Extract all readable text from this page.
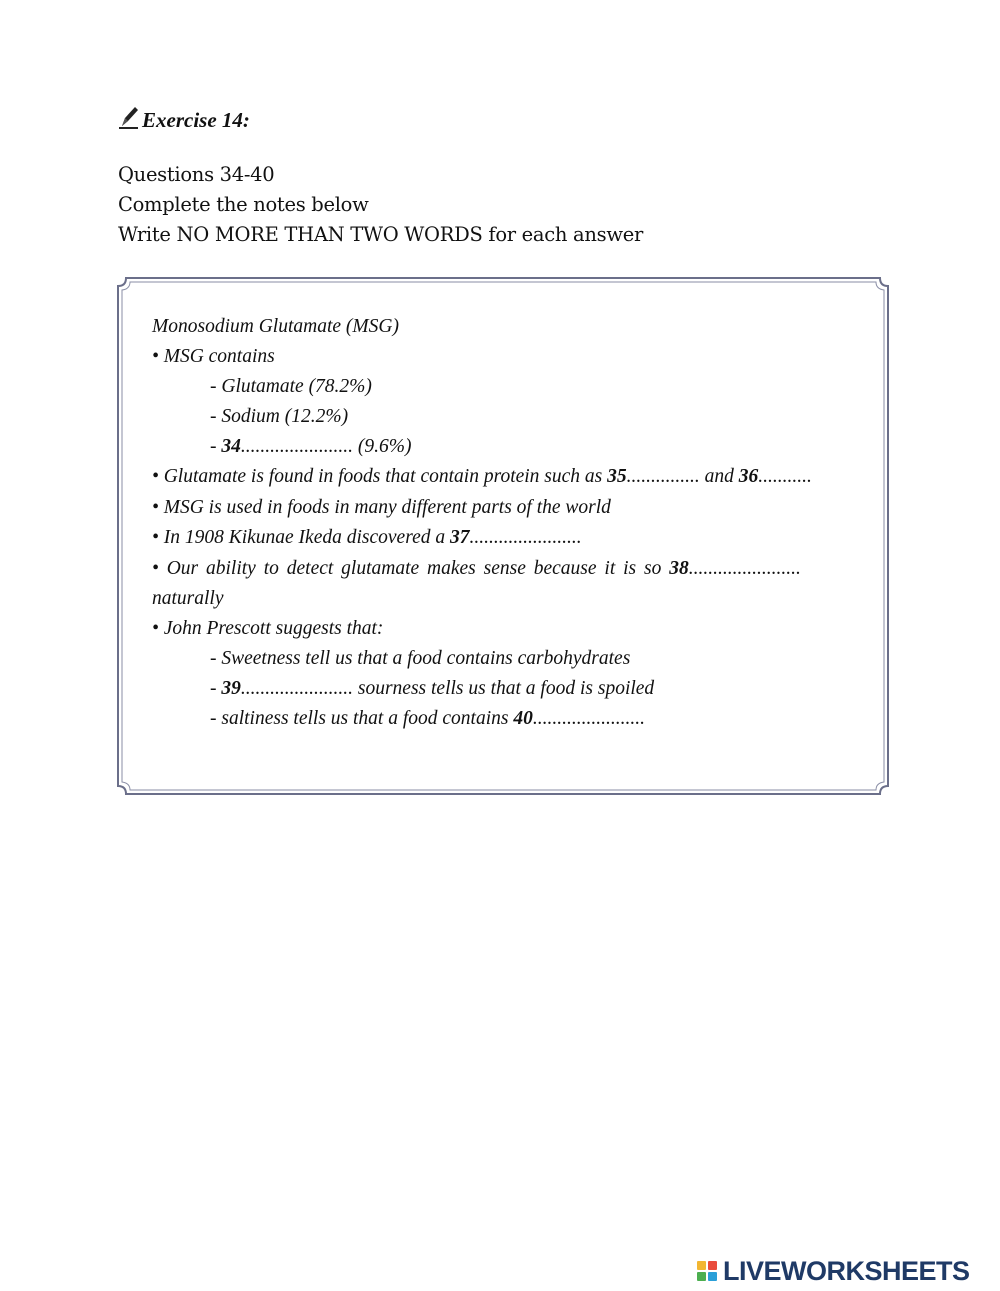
Exercise 14:
Questions 34-40
Complete the notes below
Write NO MORE THAN TWO WORDS for each answer
Monosodium Glutamate (MSG)
• MSG contains
- Glutamate (78.2%)
- Sodium (12.2%)
- 34....................... (9.6%)
• Glutamate is found in foods that contain protein such as 35............... and 36...........
• MSG is used in foods in many different parts of the world
• In 1908 Kikunae Ikeda discovered a 37.......................
• Our ability to detect glutamate makes sense because it is so 38.......................
naturally
• John Prescott suggests that:
- Sweetness tell us that a food contains carbohydrates
- 39....................... sourness tells us that a food is spoiled
- saltiness tells us that a food contains 40.......................
LIVEWORKSHEETS
